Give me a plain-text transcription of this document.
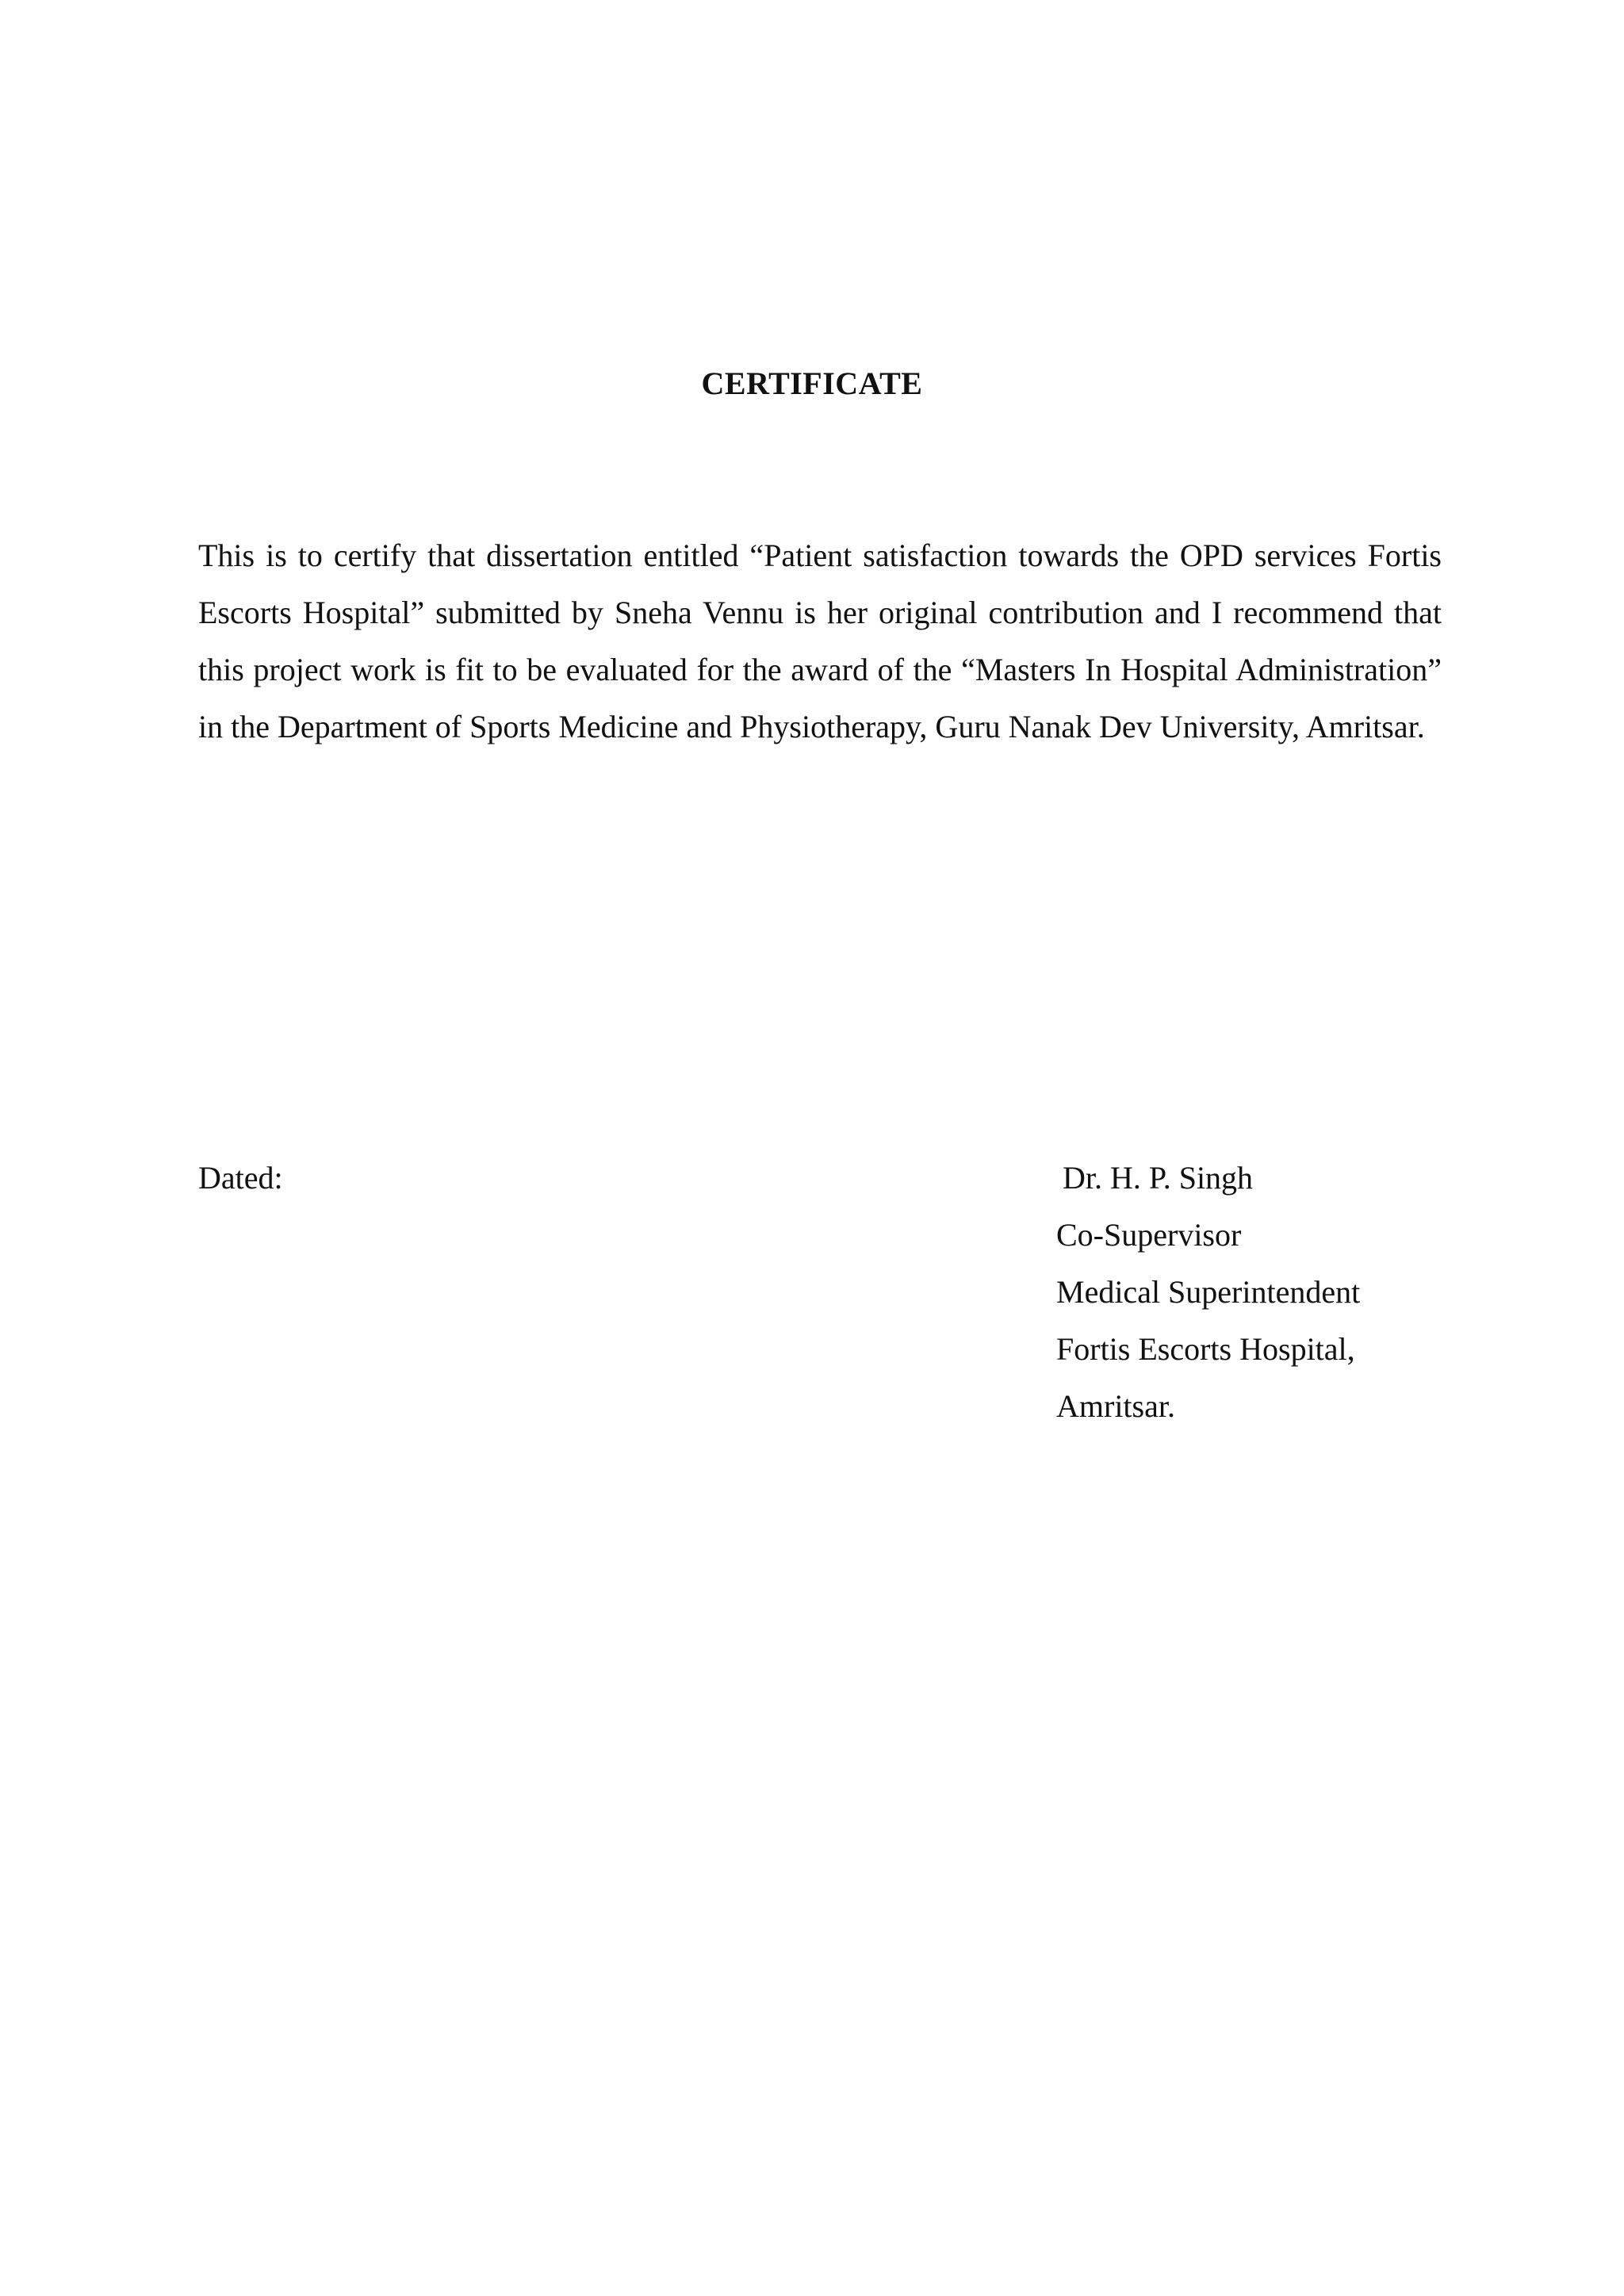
CERTIFICATE

This is to certify that dissertation entitled “Patient satisfaction towards the OPD services Fortis Escorts Hospital” submitted by Sneha Vennu is her original contribution and I recommend that this project work is fit to be evaluated for the award of the “Masters In Hospital Administration” in the Department of Sports Medicine and Physiotherapy, Guru Nanak Dev University, Amritsar.

Dated:	Dr. H. P. Singh

Co-Supervisor

Medical Superintendent

Fortis Escorts Hospital,

Amritsar.
